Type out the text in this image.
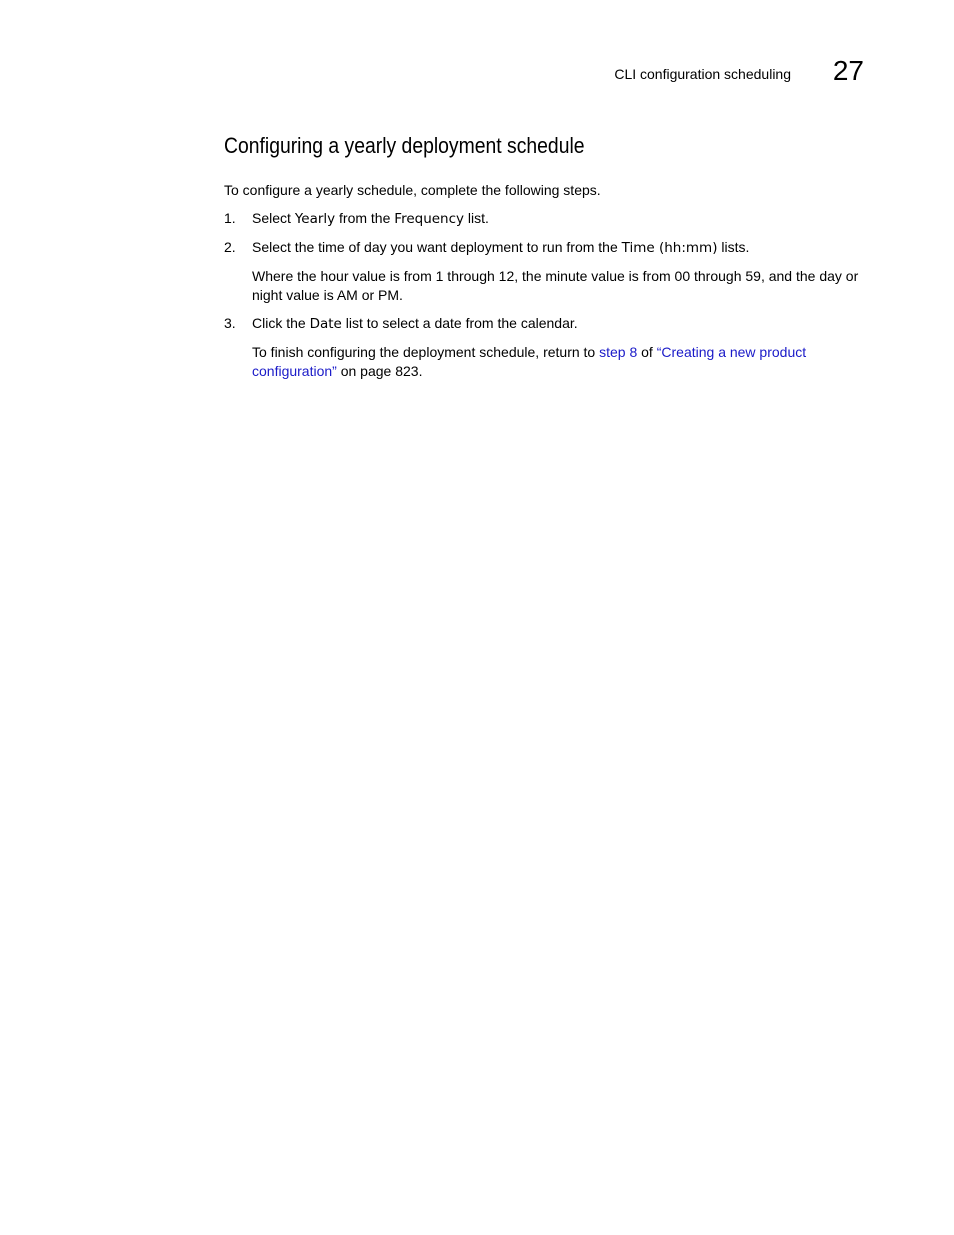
CLI configuration scheduling 27
Configuring a yearly deployment schedule

To configure a yearly schedule, complete the following steps.

1. Select Yearly from the Frequency list.

2. Select the time of day you want deployment to run from the Time (hh:mm) lists.

Where the hour value is from 1 through 12, the minute value is from 00 through 59, and the day or night value is AM or PM.

3. Click the Date list to select a date from the calendar.

To finish configuring the deployment schedule, return to step 8 of “Creating a new product configuration” on page 823.
